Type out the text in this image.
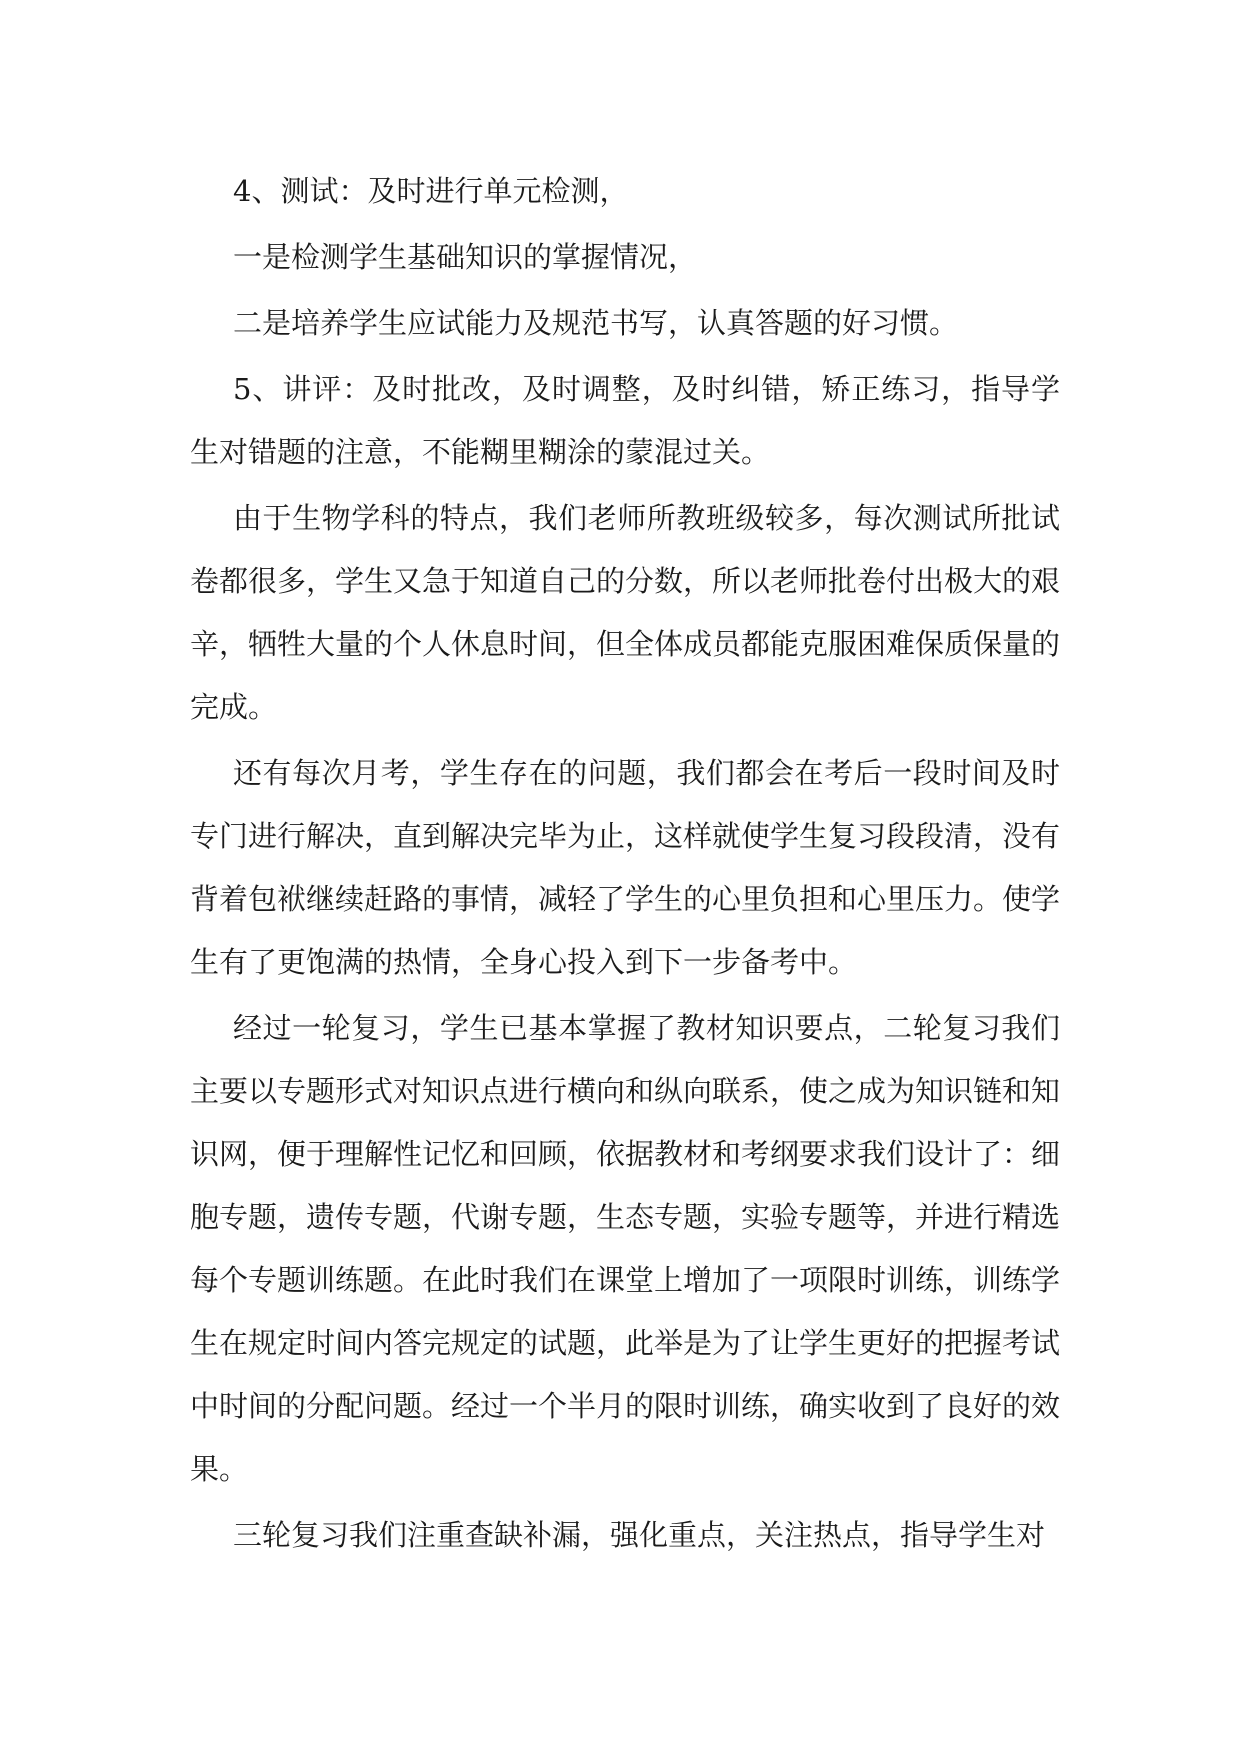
4、测试：及时进行单元检测，

一是检测学生基础知识的掌握情况，

二是培养学生应试能力及规范书写，认真答题的好习惯。

5、讲评：及时批改，及时调整，及时纠错，矫正练习，指导学生对错题的注意，不能糊里糊涂的蒙混过关。

由于生物学科的特点，我们老师所教班级较多，每次测试所批试卷都很多，学生又急于知道自己的分数，所以老师批卷付出极大的艰辛，牺牲大量的个人休息时间，但全体成员都能克服困难保质保量的完成。

还有每次月考，学生存在的问题，我们都会在考后一段时间及时专门进行解决，直到解决完毕为止，这样就使学生复习段段清，没有背着包袱继续赶路的事情，减轻了学生的心里负担和心里压力。使学生有了更饱满的热情，全身心投入到下一步备考中。

经过一轮复习，学生已基本掌握了教材知识要点，二轮复习我们主要以专题形式对知识点进行横向和纵向联系，使之成为知识链和知识网，便于理解性记忆和回顾，依据教材和考纲要求我们设计了：细胞专题，遗传专题，代谢专题，生态专题，实验专题等，并进行精选每个专题训练题。在此时我们在课堂上增加了一项限时训练，训练学生在规定时间内答完规定的试题，此举是为了让学生更好的把握考试中时间的分配问题。经过一个半月的限时训练，确实收到了良好的效果。

三轮复习我们注重查缺补漏，强化重点，关注热点，指导学生对
